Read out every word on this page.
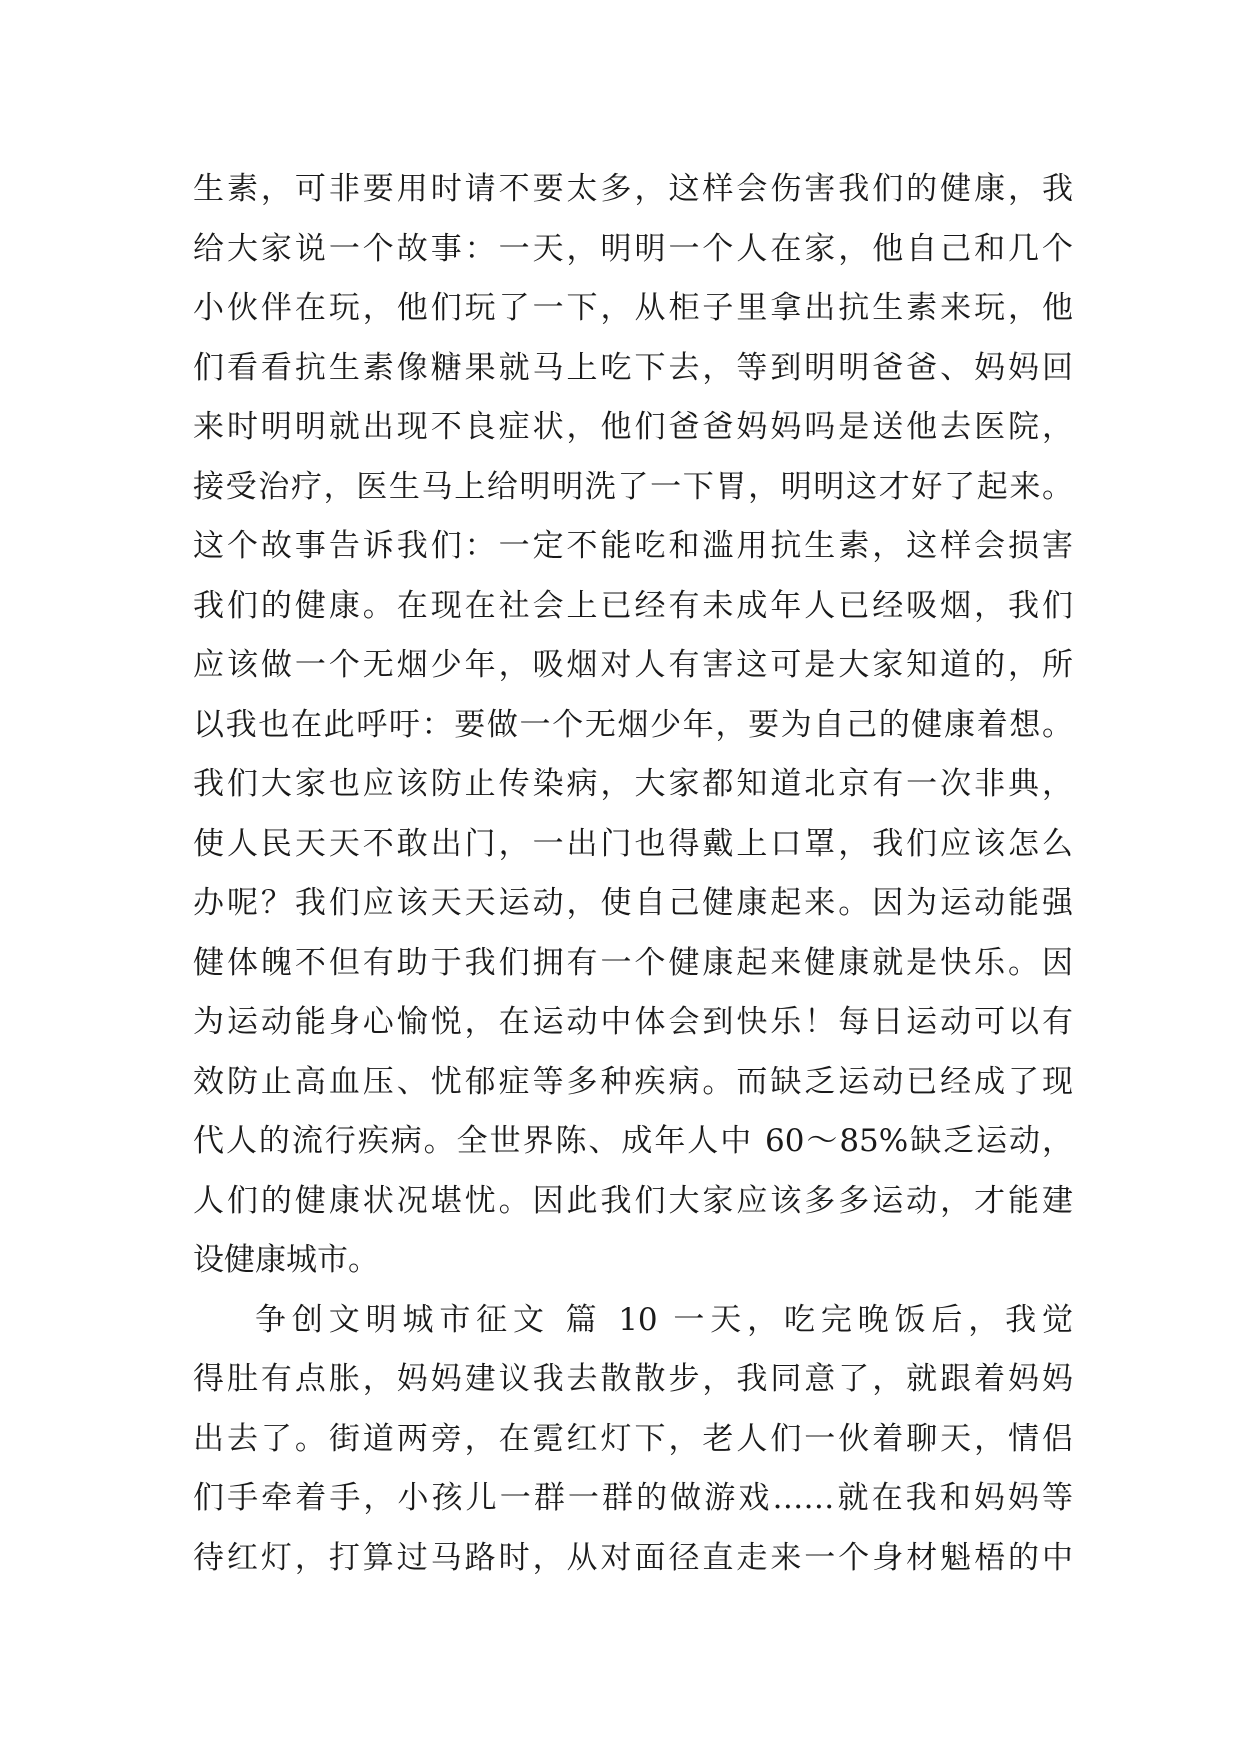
生素，可非要用时请不要太多，这样会伤害我们的健康，我
给大家说一个故事：一天，明明一个人在家，他自己和几个
小伙伴在玩，他们玩了一下，从柜子里拿出抗生素来玩，他
们看看抗生素像糖果就马上吃下去，等到明明爸爸、妈妈回
来时明明就出现不良症状，他们爸爸妈妈吗是送他去医院，
接受治疗，医生马上给明明洗了一下胃，明明这才好了起来。
这个故事告诉我们：一定不能吃和滥用抗生素，这样会损害
我们的健康。在现在社会上已经有未成年人已经吸烟，我们
应该做一个无烟少年，吸烟对人有害这可是大家知道的，所
以我也在此呼吁：要做一个无烟少年，要为自己的健康着想。
我们大家也应该防止传染病，大家都知道北京有一次非典，
使人民天天不敢出门，一出门也得戴上口罩，我们应该怎么
办呢？我们应该天天运动，使自己健康起来。因为运动能强
健体魄不但有助于我们拥有一个健康起来健康就是快乐。因
为运动能身心愉悦，在运动中体会到快乐！每日运动可以有
效防止高血压、忧郁症等多种疾病。而缺乏运动已经成了现
代人的流行疾病。全世界陈、成年人中 60～85%缺乏运动，
人们的健康状况堪忧。因此我们大家应该多多运动，才能建
设健康城市。
争创文明城市征文 篇 10 一天，吃完晚饭后，我觉
得肚有点胀，妈妈建议我去散散步，我同意了，就跟着妈妈
出去了。街道两旁，在霓红灯下，老人们一伙着聊天，情侣
们手牵着手，小孩儿一群一群的做游戏……就在我和妈妈等
待红灯，打算过马路时，从对面径直走来一个身材魁梧的中
